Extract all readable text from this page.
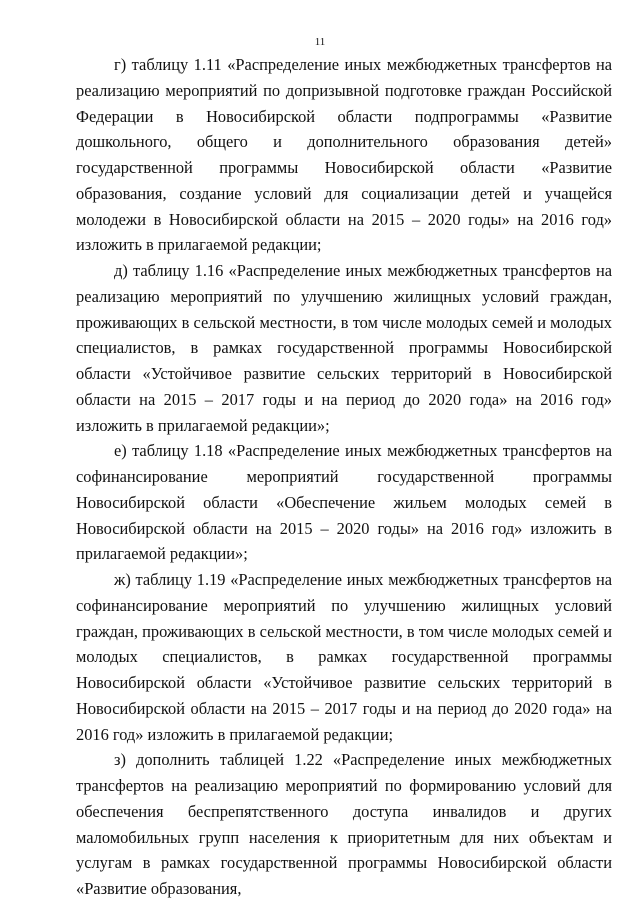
11

г) таблицу 1.11 «Распределение иных межбюджетных трансфертов на реализацию мероприятий по допризывной подготовке граждан Российской Федерации в Новосибирской области подпрограммы «Развитие дошкольного, общего и дополнительного образования детей» государственной программы Новосибирской области «Развитие образования, создание условий для социализации детей и учащейся молодежи в Новосибирской области на 2015 – 2020 годы» на 2016 год» изложить в прилагаемой редакции;

д) таблицу 1.16 «Распределение иных межбюджетных трансфертов на реализацию мероприятий по улучшению жилищных условий граждан, проживающих в сельской местности, в том числе молодых семей и молодых специалистов, в рамках государственной программы Новосибирской области «Устойчивое развитие сельских территорий в Новосибирской области на 2015 – 2017 годы и на период до 2020 года» на 2016 год» изложить в прилагаемой редакции»;

е) таблицу 1.18 «Распределение иных межбюджетных трансфертов на софинансирование мероприятий государственной программы Новосибирской области «Обеспечение жильем молодых семей в Новосибирской области на 2015 – 2020 годы» на 2016 год» изложить в прилагаемой редакции»;

ж) таблицу 1.19 «Распределение иных межбюджетных трансфертов на софинансирование мероприятий по улучшению жилищных условий граждан, проживающих в сельской местности, в том числе молодых семей и молодых специалистов, в рамках государственной программы Новосибирской области «Устойчивое развитие сельских территорий в Новосибирской области на 2015 – 2017 годы и на период до 2020 года» на 2016 год» изложить в прилагаемой редакции;

з) дополнить таблицей 1.22 «Распределение иных межбюджетных трансфертов на реализацию мероприятий по формированию условий для обеспечения беспрепятственного доступа инвалидов и других маломобильных групп населения к приоритетным для них объектам и услугам в рамках государственной программы Новосибирской области «Развитие образования,
